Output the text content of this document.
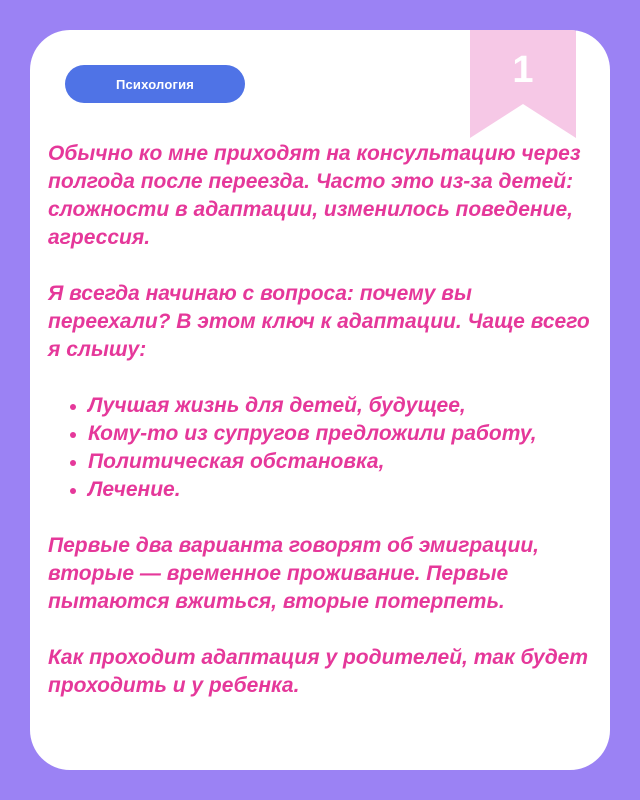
Психология	1

Обычно ко мне приходят на консультацию через полгода после переезда. Часто это из-за детей: сложности в адаптации, изменилось поведение, агрессия.

Я всегда начинаю с вопроса: почему вы переехали? В этом ключ к адаптации. Чаще всего я слышу:

Лучшая жизнь для детей, будущее,
Кому-то из супругов предложили работу,
Политическая обстановка,
Лечение.

Первые два варианта говорят об эмиграции, вторые — временное проживание. Первые пытаются вжиться, вторые потерпеть.

Как проходит адаптация у родителей, так будет проходить и у ребенка.
